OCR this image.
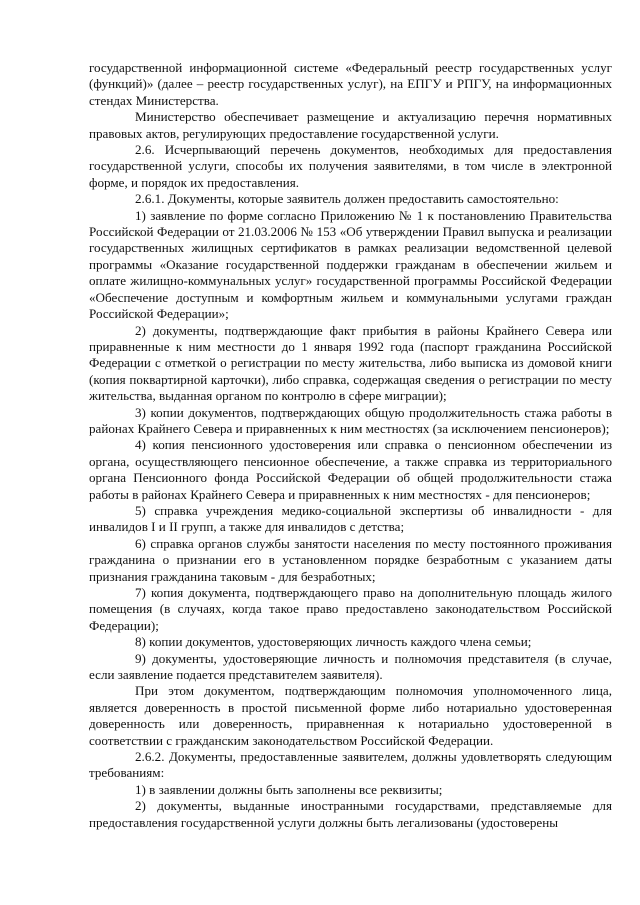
государственной информационной системе «Федеральный реестр государственных услуг (функций)» (далее – реестр государственных услуг), на ЕПГУ и РПГУ, на информационных стендах Министерства.

Министерство обеспечивает размещение и актуализацию перечня нормативных правовых актов, регулирующих предоставление государственной услуги.

2.6. Исчерпывающий перечень документов, необходимых для предоставления государственной услуги, способы их получения заявителями, в том числе в электронной форме, и порядок их предоставления.

2.6.1. Документы, которые заявитель должен предоставить самостоятельно:

1) заявление по форме согласно Приложению № 1 к постановлению Правительства Российской Федерации от 21.03.2006 № 153 «Об утверждении Правил выпуска и реализации государственных жилищных сертификатов в рамках реализации ведомственной целевой программы «Оказание государственной поддержки гражданам в обеспечении жильем и оплате жилищно-коммунальных услуг» государственной программы Российской Федерации «Обеспечение доступным и комфортным жильем и коммунальными услугами граждан Российской Федерации»;

2) документы, подтверждающие факт прибытия в районы Крайнего Севера или приравненные к ним местности до 1 января 1992 года (паспорт гражданина Российской Федерации с отметкой о регистрации по месту жительства, либо выписка из домовой книги (копия поквартирной карточки), либо справка, содержащая сведения о регистрации по месту жительства, выданная органом по контролю в сфере миграции);

3) копии документов, подтверждающих общую продолжительность стажа работы в районах Крайнего Севера и приравненных к ним местностях (за исключением пенсионеров);

4) копия пенсионного удостоверения или справка о пенсионном обеспечении из органа, осуществляющего пенсионное обеспечение, а также справка из территориального органа Пенсионного фонда Российской Федерации об общей продолжительности стажа работы в районах Крайнего Севера и приравненных к ним местностях - для пенсионеров;

5) справка учреждения медико-социальной экспертизы об инвалидности - для инвалидов I и II групп, а также для инвалидов с детства;

6) справка органов службы занятости населения по месту постоянного проживания гражданина о признании его в установленном порядке безработным с указанием даты признания гражданина таковым - для безработных;

7) копия документа, подтверждающего право на дополнительную площадь жилого помещения (в случаях, когда такое право предоставлено законодательством Российской Федерации);

8) копии документов, удостоверяющих личность каждого члена семьи;

9) документы, удостоверяющие личность и полномочия представителя (в случае, если заявление подается представителем заявителя).

При этом документом, подтверждающим полномочия уполномоченного лица, является доверенность в простой письменной форме либо нотариально удостоверенная доверенность или доверенность, приравненная к нотариально удостоверенной в соответствии с гражданским законодательством Российской Федерации.

2.6.2. Документы, предоставленные заявителем, должны удовлетворять следующим требованиям:

1) в заявлении должны быть заполнены все реквизиты;

2) документы, выданные иностранными государствами, представляемые для предоставления государственной услуги должны быть легализованы (удостоверены
